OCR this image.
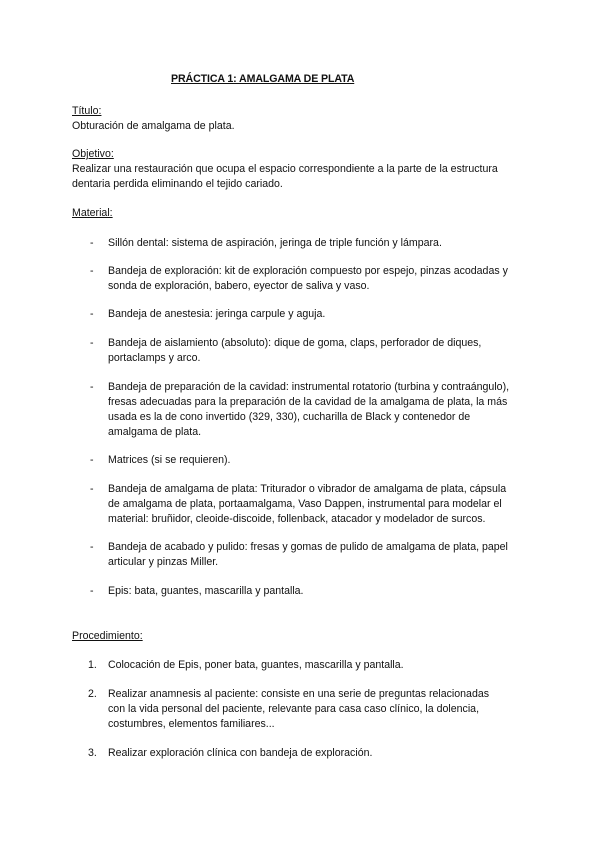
PRÁCTICA 1: AMALGAMA DE PLATA
Título:
Obturación de amalgama de plata.
Objetivo:
Realizar una restauración que ocupa el espacio correspondiente a la parte de la estructura
dentaria perdida eliminando el tejido cariado.
Material:
- Sillón dental: sistema de aspiración, jeringa de triple función y lámpara.
- Bandeja de exploración: kit de exploración compuesto por espejo, pinzas acodadas y
sonda de exploración, babero, eyector de saliva y vaso.
- Bandeja de anestesia: jeringa carpule y aguja.
- Bandeja de aislamiento (absoluto): dique de goma, claps, perforador de diques,
portaclamps y arco.
- Bandeja de preparación de la cavidad: instrumental rotatorio (turbina y contraángulo),
fresas adecuadas para la preparación de la cavidad de la amalgama de plata, la más
usada es la de cono invertido (329, 330), cucharilla de Black y contenedor de
amalgama de plata.
- Matrices (si se requieren).
- Bandeja de amalgama de plata: Triturador o vibrador de amalgama de plata, cápsula
de amalgama de plata, portaamalgama, Vaso Dappen, instrumental para modelar el
material: bruñidor, cleoide-discoide, follenback, atacador y modelador de surcos.
- Bandeja de acabado y pulido: fresas y gomas de pulido de amalgama de plata, papel
articular y pinzas Miller.
- Epis: bata, guantes, mascarilla y pantalla.
Procedimiento:
1. Colocación de Epis, poner bata, guantes, mascarilla y pantalla.
2. Realizar anamnesis al paciente: consiste en una serie de preguntas relacionadas
con la vida personal del paciente, relevante para casa caso clínico, la dolencia,
costumbres, elementos familiares...
3. Realizar exploración clínica con bandeja de exploración.
